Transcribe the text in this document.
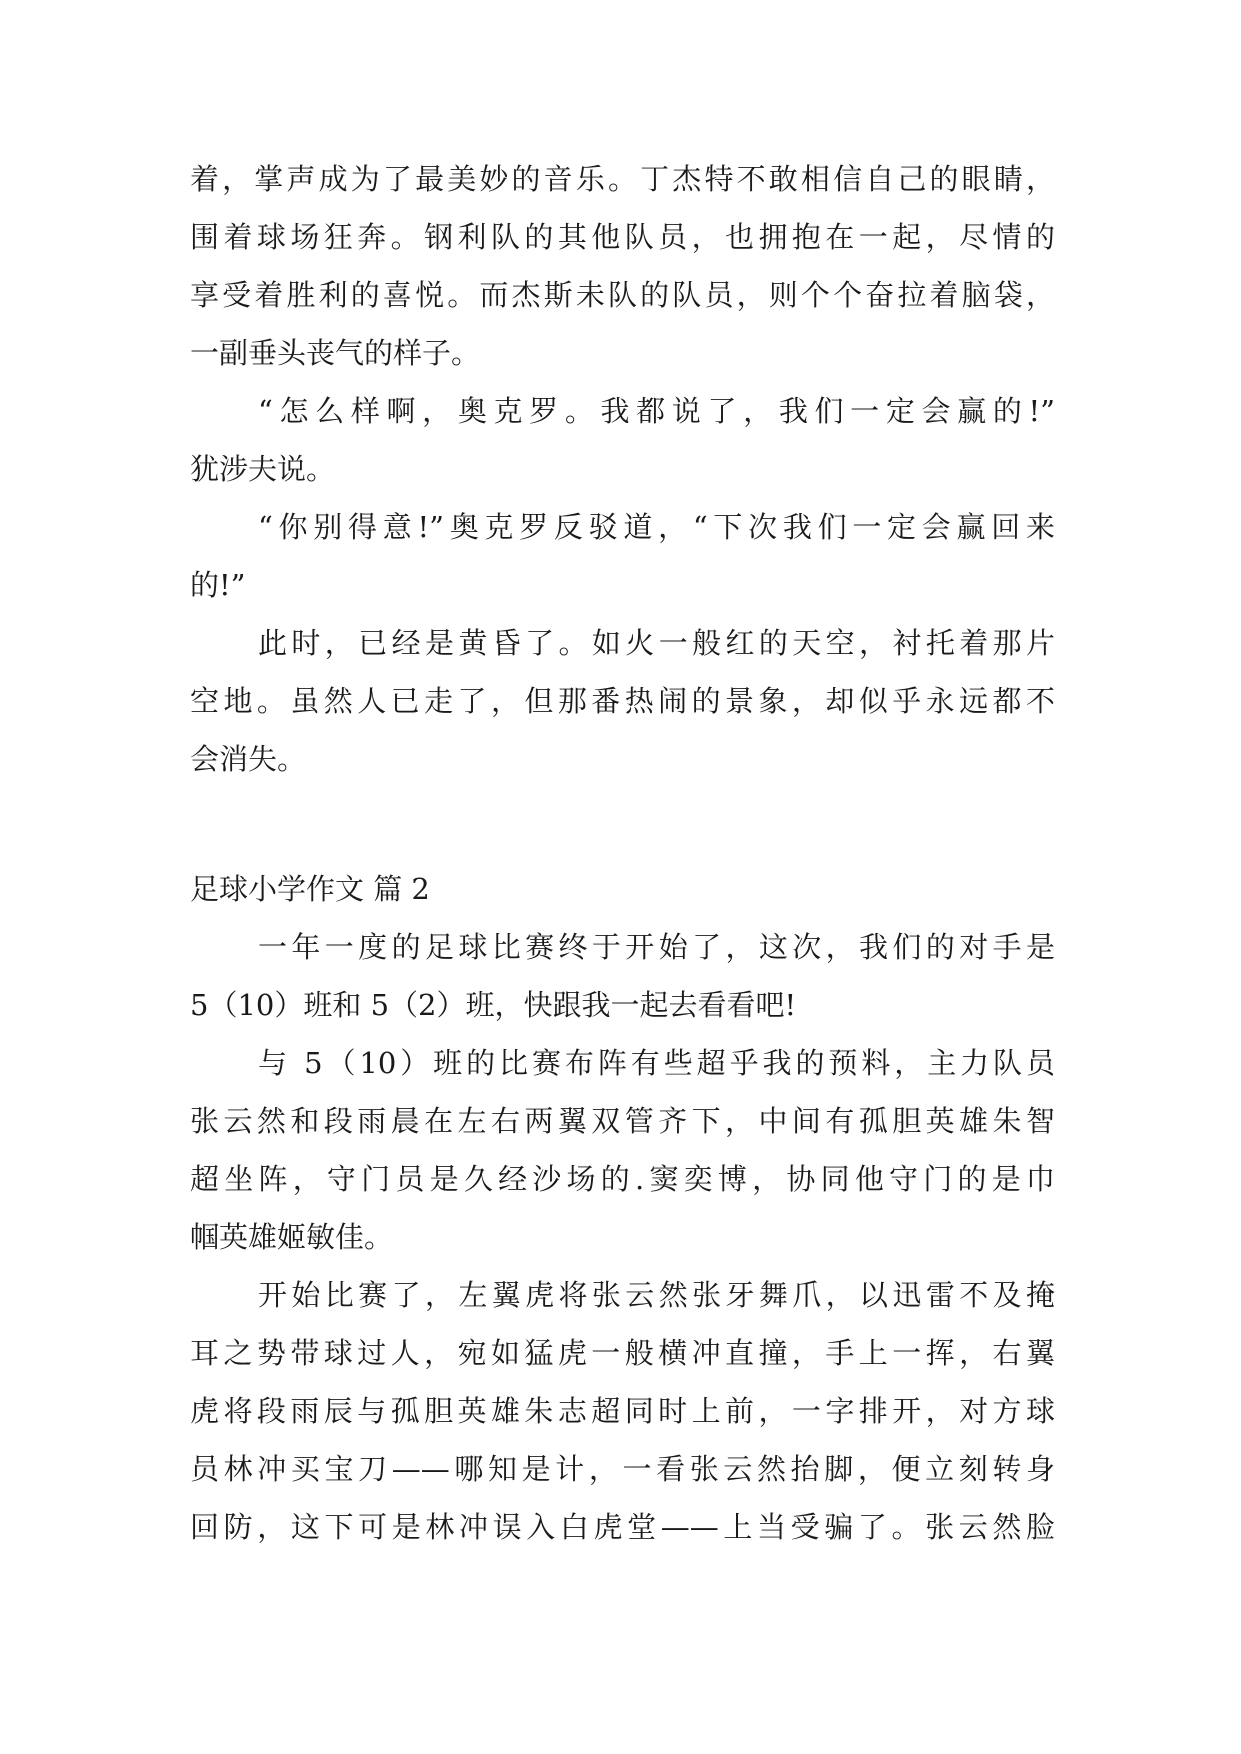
着，掌声成为了最美妙的音乐。丁杰特不敢相信自己的眼睛，
围着球场狂奔。钢利队的其他队员，也拥抱在一起，尽情的
享受着胜利的喜悦。而杰斯未队的队员，则个个奋拉着脑袋，
一副垂头丧气的样子。
“怎么样啊，奥克罗。我都说了，我们一定会赢的!”
犹涉夫说。
“你别得意!”奥克罗反驳道，“下次我们一定会赢回来
的!”
此时，已经是黄昏了。如火一般红的天空，衬托着那片
空地。虽然人已走了，但那番热闹的景象，却似乎永远都不
会消失。
足球小学作文 篇 2
一年一度的足球比赛终于开始了，这次，我们的对手是
5（10）班和 5（2）班，快跟我一起去看看吧!
与 5（10）班的比赛布阵有些超乎我的预料，主力队员
张云然和段雨晨在左右两翼双管齐下，中间有孤胆英雄朱智
超坐阵，守门员是久经沙场的.窦奕博，协同他守门的是巾
帼英雄姬敏佳。
开始比赛了，左翼虎将张云然张牙舞爪，以迅雷不及掩
耳之势带球过人，宛如猛虎一般横冲直撞，手上一挥，右翼
虎将段雨辰与孤胆英雄朱志超同时上前，一字排开，对方球
员林冲买宝刀——哪知是计，一看张云然抬脚，便立刻转身
回防，这下可是林冲误入白虎堂——上当受骗了。张云然脸
